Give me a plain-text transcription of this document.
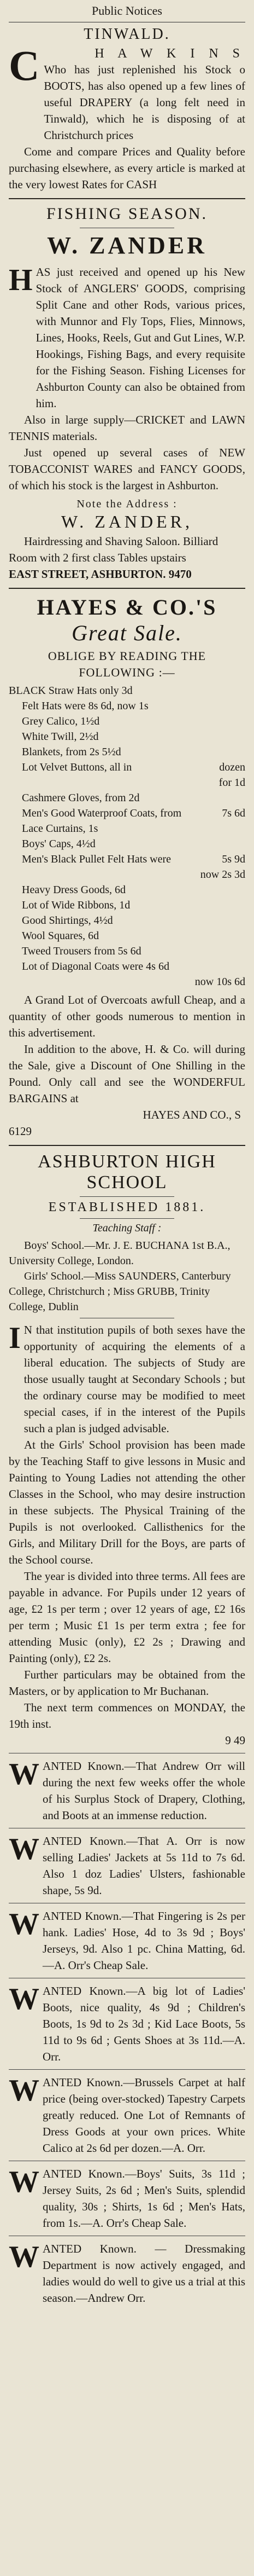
Public Notices
TINWALD.
C	H A W K I N S

Who has just replenished his Stock o BOOTS, has also opened up a few lines of useful DRAPERY (a long felt need in Tinwald), which he is disposing of at Christchurch prices

Come and compare Prices and Quality before purchasing elsewhere, as every article is marked at the very lowest Rates for CASH

FISHING SEASON.
W. ZANDER
H AS just received and opened up his New Stock of ANGLERS' GOODS, comprising Split Cane and other Rods, various prices, with Munnor and Fly Tops, Flies, Minnows, Lines, Hooks, Reels, Gut and Gut Lines, W.P. Hookings, Fishing Bags, and every requisite for the Fishing Season. Fishing Licenses for Ashburton County can also be obtained from him.

Also in large supply—CRICKET and LAWN TENNIS materials.

Just opened up several cases of NEW TOBACCONIST WARES and FANCY GOODS, of which his stock is the largest in Ashburton.

Note the Address :
W. ZANDER,

Hairdressing and Shaving Saloon. Billiard Room with 2 first class Tables upstairs

EAST STREET, ASHBURTON. 9470

HAYES & CO.'S
Great Sale.
OBLIGE BY READING THE FOLLOWING :—
BLACK Straw Hats only 3d
Felt Hats were 8s 6d, now 1s
Grey Calico, 1½d
White Twill, 2½d
Blankets, from 2s 5½d
Lot Velvet Buttons, all in	dozen
for 1d
Cashmere Gloves, from 2d
Men's Good Waterproof Coats, from	7s 6d
Lace Curtains, 1s
Boys' Caps, 4½d
Men's Black Pullet Felt Hats were	5s 9d
now 2s 3d
Heavy Dress Goods, 6d
Lot of Wide Ribbons, 1d
Good Shirtings, 4½d
Wool Squares, 6d
Tweed Trousers from 5s 6d
Lot of Diagonal Coats were 4s 6d
now 10s 6d

A Grand Lot of Overcoats awfull Cheap, and a quantity of other goods numerous to mention in this advertisement.

In addition to the above, H. & Co. will during the Sale, give a Discount of One Shilling in the Pound. Only call and see the WONDERFUL BARGAINS at

HAYES AND CO., S
6129
ASHBURTON HIGH SCHOOL
ESTABLISHED 1881.
Teaching Staff :

Boys' School.—Mr. J. E. BUCHANA 1st B.A., University College, London.

Girls' School.—Miss SAUNDERS, Canterbury College, Christchurch ; Miss GRUBB, Trinity College, Dublin

I N that institution pupils of both sexes have the opportunity of acquiring the elements of a liberal education. The subjects of Study are those usually taught at Secondary Schools ; but the ordinary course may be modified to meet special cases, if in the interest of the Pupils such a plan is judged advisable.

At the Girls' School provision has been made by the Teaching Staff to give lessons in Music and Painting to Young Ladies not attending the other Classes in the School, who may desire instruction in these subjects. The Physical Training of the Pupils is not overlooked. Callisthenics for the Girls, and Military Drill for the Boys, are parts of the School course.

The year is divided into three terms. All fees are payable in advance. For Pupils under 12 years of age, £2 1s per term ; over 12 years of age, £2 16s per term ; Music £1 1s per term extra ; fee for attending Music (only), £2 2s ; Drawing and Painting (only), £2 2s.

Further particulars may be obtained from the Masters, or by application to Mr Buchanan.

The next term commences on MONDAY, the 19th inst.

9 49
W ANTED Known.—That Andrew Orr will during the next few weeks offer the whole of his Surplus Stock of Drapery, Clothing, and Boots at an immense reduction.

W ANTED Known.—That A. Orr is now selling Ladies' Jackets at 5s 11d to 7s 6d. Also 1 doz Ladies' Ulsters, fashionable shape, 5s 9d.

W ANTED Known.—That Fingering is 2s per hank. Ladies' Hose, 4d to 3s 9d ; Boys' Jerseys, 9d. Also 1 pc. China Matting, 6d.—A. Orr's Cheap Sale.

W ANTED Known.—A big lot of Ladies' Boots, nice quality, 4s 9d ; Children's Boots, 1s 9d to 2s 3d ; Kid Lace Boots, 5s 11d to 9s 6d ; Gents Shoes at 3s 11d.—A. Orr.

W ANTED Known.—Brussels Carpet at half price (being over-stocked) Tapestry Carpets greatly reduced. One Lot of Remnants of Dress Goods at your own prices. White Calico at 2s 6d per dozen.—A. Orr.

W ANTED Known.—Boys' Suits, 3s 11d ; Jersey Suits, 2s 6d ; Men's Suits, splendid quality, 30s ; Shirts, 1s 6d ; Men's Hats, from 1s.—A. Orr's Cheap Sale.

W ANTED Known. — Dressmaking Department is now actively engaged, and ladies would do well to give us a trial at this season.—Andrew Orr.
